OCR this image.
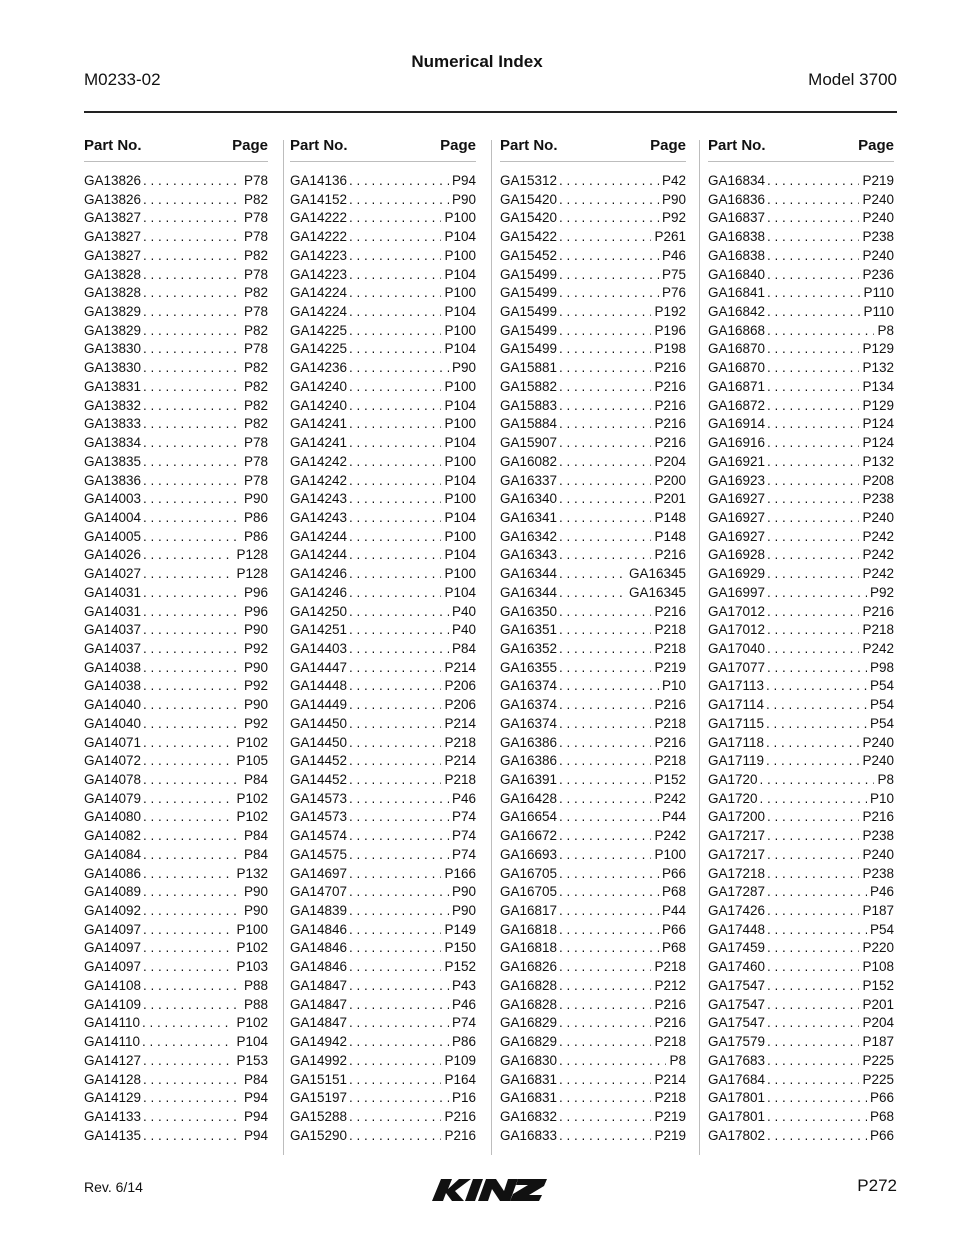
Numerical Index
M0233-02	Model 3700
Part No.	Page
GA13826 . . .	P78
GA13826 . . .	P82
GA13827 . . .	P78
GA13827 . . .	P78
GA13827 . . .	P82
GA13828 . . .	P78
GA13828 . . .	P82
GA13829 . . .	P78
GA13829 . . .	P82
GA13830 . . .	P78
GA13830 . . .	P82
GA13831 . . .	P82
GA13832 . . .	P82
GA13833 . . .	P82
GA13834 . . .	P78
GA13835 . . .	P78
GA13836 . . .	P78
GA14003 . . .	P90
GA14004 . . .	P86
GA14005 . . .	P86
GA14026 . . .	P128
GA14027 . . .	P128
GA14031 . . .	P96
GA14031 . . .	P96
GA14037 . . .	P90
GA14037 . . .	P92
GA14038 . . .	P90
GA14038 . . .	P92
GA14040 . . .	P90
GA14040 . . .	P92
GA14071 . . .	P102
GA14072 . . .	P105
GA14078 . . .	P84
GA14079 . . .	P102
GA14080 . . .	P102
GA14082 . . .	P84
GA14084 . . .	P84
GA14086 . . .	P132
GA14089 . . .	P90
GA14092 . . .	P90
GA14097 . . .	P100
GA14097 . . .	P102
GA14097 . . .	P103
GA14108 . . .	P88
GA14109 . . .	P88
GA14110 . . .	P102
GA14110 . . .	P104
GA14127 . . .	P153
GA14128 . . .	P84
GA14129 . . .	P94
GA14133 . . .	P94
GA14135 . . .	P94
Part No.	Page
GA14136 . . .	P94
GA14152 . . .	P90
GA14222 . . .	P100
GA14222 . . .	P104
GA14223 . . .	P100
GA14223 . . .	P104
GA14224 . . .	P100
GA14224 . . .	P104
GA14225 . . .	P100
GA14225 . . .	P104
GA14236 . . .	P90
GA14240 . . .	P100
GA14240 . . .	P104
GA14241 . . .	P100
GA14241 . . .	P104
GA14242 . . .	P100
GA14242 . . .	P104
GA14243 . . .	P100
GA14243 . . .	P104
GA14244 . . .	P100
GA14244 . . .	P104
GA14246 . . .	P100
GA14246 . . .	P104
GA14250 . . .	P40
GA14251 . . .	P40
GA14403 . . .	P84
GA14447 . . .	P214
GA14448 . . .	P206
GA14449 . . .	P206
GA14450 . . .	P214
GA14450 . . .	P218
GA14452 . . .	P214
GA14452 . . .	P218
GA14573 . . .	P46
GA14573 . . .	P74
GA14574 . . .	P74
GA14575 . . .	P74
GA14697 . . .	P166
GA14707 . . .	P90
GA14839 . . .	P90
GA14846 . . .	P149
GA14846 . . .	P150
GA14846 . . .	P152
GA14847 . . .	P43
GA14847 . . .	P46
GA14847 . . .	P74
GA14942 . . .	P86
GA14992 . . .	P109
GA15151 . . .	P164
GA15197 . . .	P16
GA15288 . . .	P216
GA15290 . . .	P216
Part No.	Page
GA15312 . . .	P42
GA15420 . . .	P90
GA15420 . . .	P92
GA15422 . . .	P261
GA15452 . . .	P46
GA15499 . . .	P75
GA15499 . . .	P76
GA15499 . . .	P192
GA15499 . . .	P196
GA15499 . . .	P198
GA15881 . . .	P216
GA15882 . . .	P216
GA15883 . . .	P216
GA15884 . . .	P216
GA15907 . . .	P216
GA16082 . . .	P204
GA16337 . . .	P200
GA16340 . . .	P201
GA16341 . . .	P148
GA16342 . . .	P148
GA16343 . . .	P216
GA16344 . . .	GA16345
GA16344 . . .	GA16345
GA16350 . . .	P216
GA16351 . . .	P218
GA16352 . . .	P218
GA16355 . . .	P219
GA16374 . . .	P10
GA16374 . . .	P216
GA16374 . . .	P218
GA16386 . . .	P216
GA16386 . . .	P218
GA16391 . . .	P152
GA16428 . . .	P242
GA16654 . . .	P44
GA16672 . . .	P242
GA16693 . . .	P100
GA16705 . . .	P66
GA16705 . . .	P68
GA16817 . . .	P44
GA16818 . . .	P66
GA16818 . . .	P68
GA16826 . . .	P218
GA16828 . . .	P212
GA16828 . . .	P216
GA16829 . . .	P216
GA16829 . . .	P218
GA16830 . . .	P8
GA16831 . . .	P214
GA16831 . . .	P218
GA16832 . . .	P219
GA16833 . . .	P219
Part No.	Page
GA16834 . . .	P219
GA16836 . . .	P240
GA16837 . . .	P240
GA16838 . . .	P238
GA16838 . . .	P240
GA16840 . . .	P236
GA16841 . . .	P110
GA16842 . . .	P110
GA16868 . . .	P8
GA16870 . . .	P129
GA16870 . . .	P132
GA16871 . . .	P134
GA16872 . . .	P129
GA16914 . . .	P124
GA16916 . . .	P124
GA16921 . . .	P132
GA16923 . . .	P208
GA16927 . . .	P238
GA16927 . . .	P240
GA16927 . . .	P242
GA16928 . . .	P242
GA16929 . . .	P242
GA16997 . . .	P92
GA17012 . . .	P216
GA17012 . . .	P218
GA17040 . . .	P242
GA17077 . . .	P98
GA17113 . . .	P54
GA17114 . . .	P54
GA17115 . . .	P54
GA17118 . . .	P240
GA17119 . . .	P240
GA1720 . . .	P8
GA1720 . . .	P10
GA17200 . . .	P216
GA17217 . . .	P238
GA17217 . . .	P240
GA17218 . . .	P238
GA17287 . . .	P46
GA17426 . . .	P187
GA17448 . . .	P54
GA17459 . . .	P220
GA17460 . . .	P108
GA17547 . . .	P152
GA17547 . . .	P201
GA17547 . . .	P204
GA17579 . . .	P187
GA17683 . . .	P225
GA17684 . . .	P225
GA17801 . . .	P66
GA17801 . . .	P68
GA17802 . . .	P66
Rev. 6/14	P272
